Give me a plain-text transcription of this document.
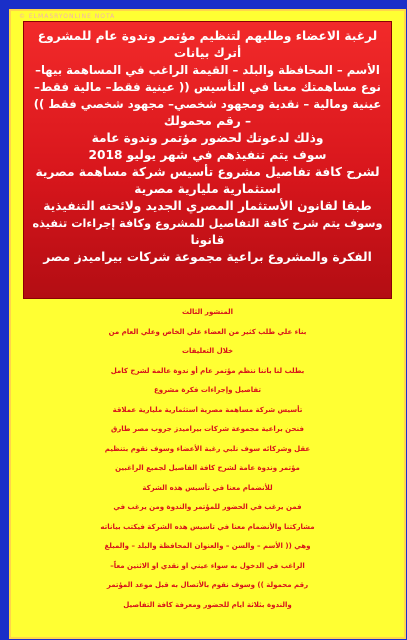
© ELMASRYONLINE NOTA

لرغبة الاعضاء وطلبهم لتنظيم مؤتمر وندوة عام للمشروع

أترك بيانات

الأسم – المحافظة والبلد – القيمة الراغب في المساهمة بيها–

نوع مساهمتك معنا في التأسيس (( عينية فقط– مالية فقط–

عينية ومالية – نقدية ومجهود شخصي– مجهود شخصي فقط ))

– رقم محمولك

وذلك لدعوتك لحضور مؤتمر وندوة عامة

سوف يتم تنفيذهم في شهر يوليو 2018

لشرح كافة تفاصيل مشروع تأسيس شركة مساهمة مصرية

استثمارية مليارية مصرية

طبقا لقانون الأستثمار المصري الجديد ولائحته التنفيذية

وسوف يتم شرح كافة التفاصيل للمشروع وكافة إجراءات تنفيذه

قانونا

الفكرة والمشروع براعية مجموعة شركات بيراميدز مصر

المنشور الثالث

بناء علي طلب كثير من العضاء علي الخاص وعلي العام من

خلال التعليقات

بطلب لنا باننا ننظم مؤتمر عام أو ندوة عالمة لشرح كامل

تفاصيل وإجراءات فكرة مشروع

تأسيس شركة مساهمة مصرية استثمارية مليارية عملاقة

فنحن براعية مجموعة شركات بيراميدز جروب مصر طارق

عقل وشركائه سوف نلبي رغبة الأعضاء وسوف نقوم بتنظيم

مؤتمر وندوة عامة لشرح كافة الفاصيل لجميع الراغبين

للأنضمام معنا في تأسيس هذه الشركة

فمن يرغب في الحضور للمؤتمر والندوة ومن يرغب في

مشاركتنا والأنضمام معنا في تاسيس هذه الشركة فيكتب بياناته

وهي (( الأسم – والسن – والعنوان المحافظة والبلد – والمبلغ

الراغب في الدخول به سواء عيني او نقدي او الاثنين معاً–

رقم محمولة )) وسوف نقوم بالأتصال به قبل موعد المؤتمر

والندوة بثلاثة ايام للحضور ومعرفة كافة التفاصيل
